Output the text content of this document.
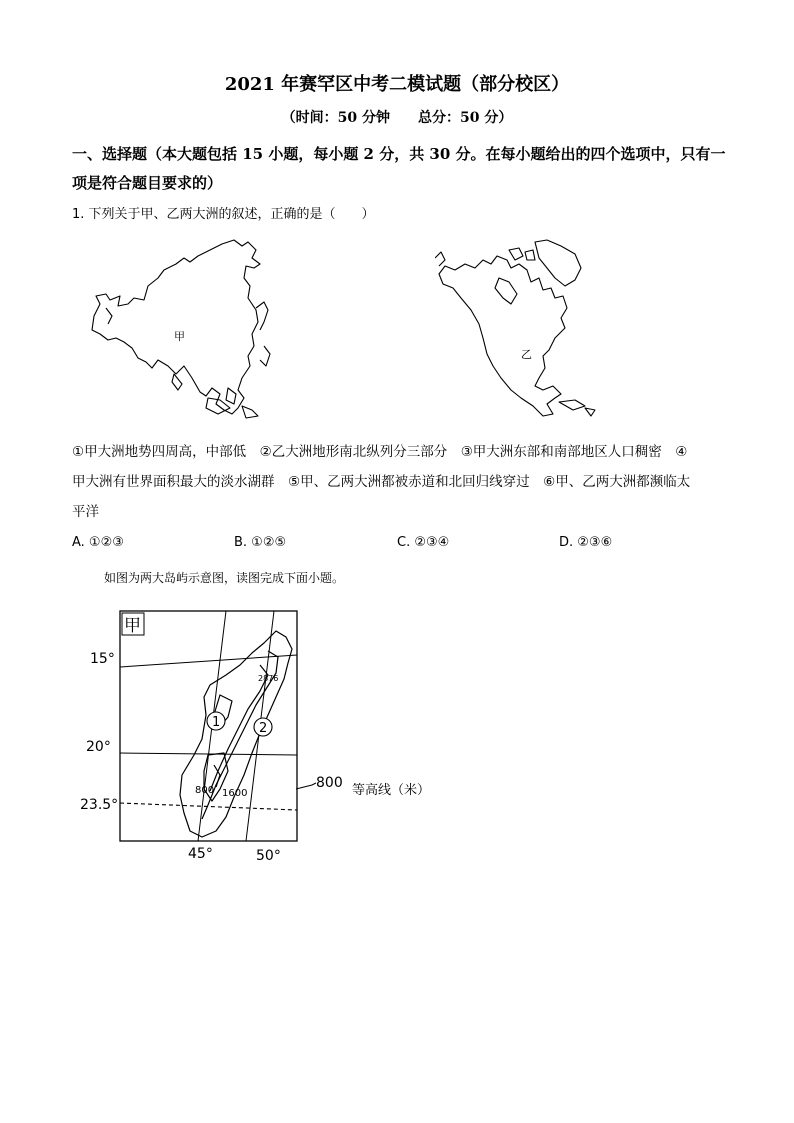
2021 年赛罕区中考二模试题（部分校区）
（时间：50 分钟 总分：50 分）
一、选择题（本大题包括 15 小题，每小题 2 分，共 30 分。在每小题给出的四个选项中，只有一项是符合题目要求的）
1. 下列关于甲、乙两大洲的叙述，正确的是（　　）
甲
乙
①甲大洲地势四周高，中部低　②乙大洲地形南北纵列分三部分　③甲大洲东部和南部地区人口稠密　④
甲大洲有世界面积最大的淡水湖群　⑤甲、乙两大洲都被赤道和北回归线穿过　⑥甲、乙两大洲都濒临太
平洋
A. ①②③	B. ①②⑤	C. ②③④	D. ②③⑥
如图为两大岛屿示意图，读图完成下面小题。
甲
2876
1	2
800 1600
15°
20°
23.5°
45°	50°
800 等高线（米）
